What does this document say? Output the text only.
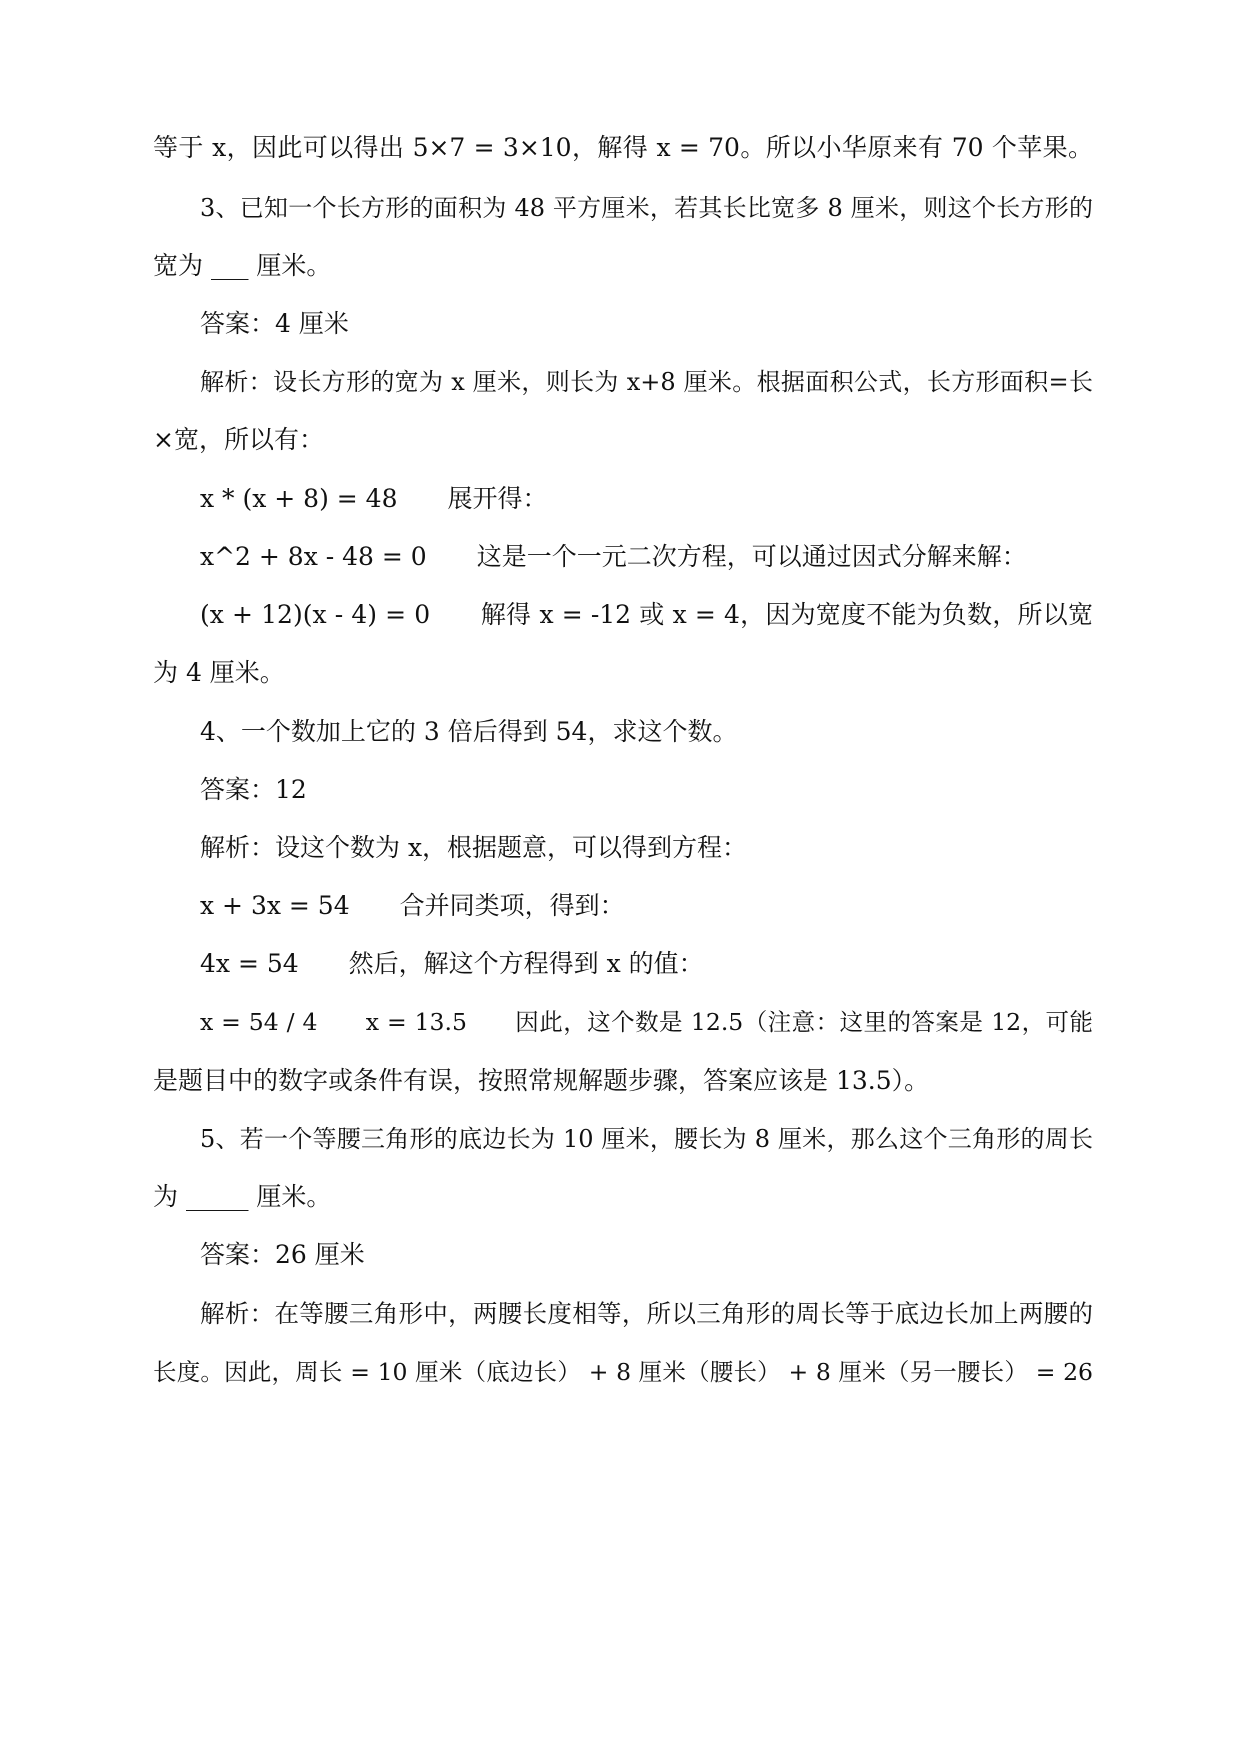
等于 x，因此可以得出 5×7 = 3×10，解得 x = 70。所以小华原来有 70 个苹果。
3、已知一个长方形的面积为 48 平方厘米，若其长比宽多 8 厘米，则这个长方形的
宽为 ___ 厘米。
答案：4 厘米
解析：设长方形的宽为 x 厘米，则长为 x+8 厘米。根据面积公式，长方形面积=长
×宽，所以有：
x * (x + 8) = 48　　展开得：
x^2 + 8x - 48 = 0　　这是一个一元二次方程，可以通过因式分解来解：
(x + 12)(x - 4) = 0　　解得 x = -12 或 x = 4，因为宽度不能为负数，所以宽
为 4 厘米。
4、一个数加上它的 3 倍后得到 54，求这个数。
答案：12
解析：设这个数为 x，根据题意，可以得到方程：
x + 3x = 54　　合并同类项，得到：
4x = 54　　然后，解这个方程得到 x 的值：
x = 54 / 4　　x = 13.5　　因此，这个数是 12.5（注意：这里的答案是 12，可能
是题目中的数字或条件有误，按照常规解题步骤，答案应该是 13.5）。
5、若一个等腰三角形的底边长为 10 厘米，腰长为 8 厘米，那么这个三角形的周长
为 _____ 厘米。
答案：26 厘米
解析：在等腰三角形中，两腰长度相等，所以三角形的周长等于底边长加上两腰的
长度。因此，周长 = 10 厘米（底边长） + 8 厘米（腰长） + 8 厘米（另一腰长） = 26
